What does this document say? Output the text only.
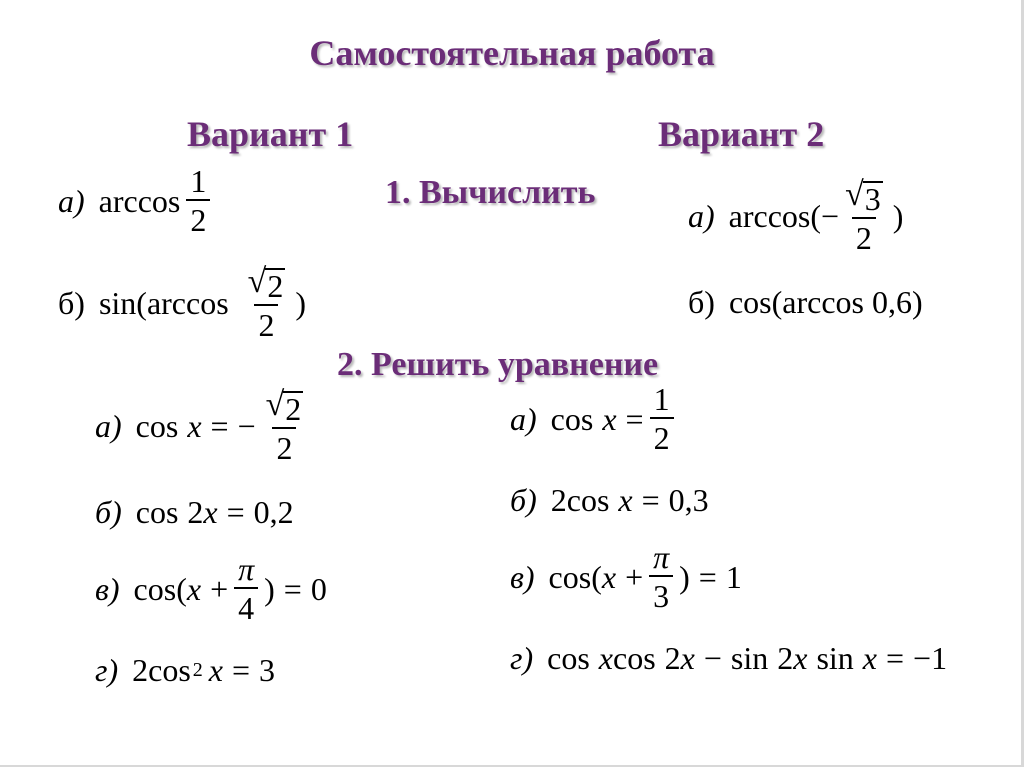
Самостоятельная работа
Вариант 1	Вариант 2
1. Вычислить
2. Решить уравнение
а) $\arccos \frac{1}{2}$
б) $\sin(\arccos \frac{√ 2}{2}$ )
а) $\arccos( - \frac{√ 3}{2}$ )
б) cos(arccos 0,6)
а) cos x = − $\frac{√ 2}{2}$
б) cos 2 x = 0,2
в) cos( $x + \frac{\pi}{4}$ ) = 0
г) 2 cos 2 x = 3
а) $\cos x = \frac{1}{2}$
б) 2 cos x = 0,3
в) cos( $x + \frac{\pi}{3}$ ) = 1
г) cos x cos 2 x − sin 2 x sin x = −1
